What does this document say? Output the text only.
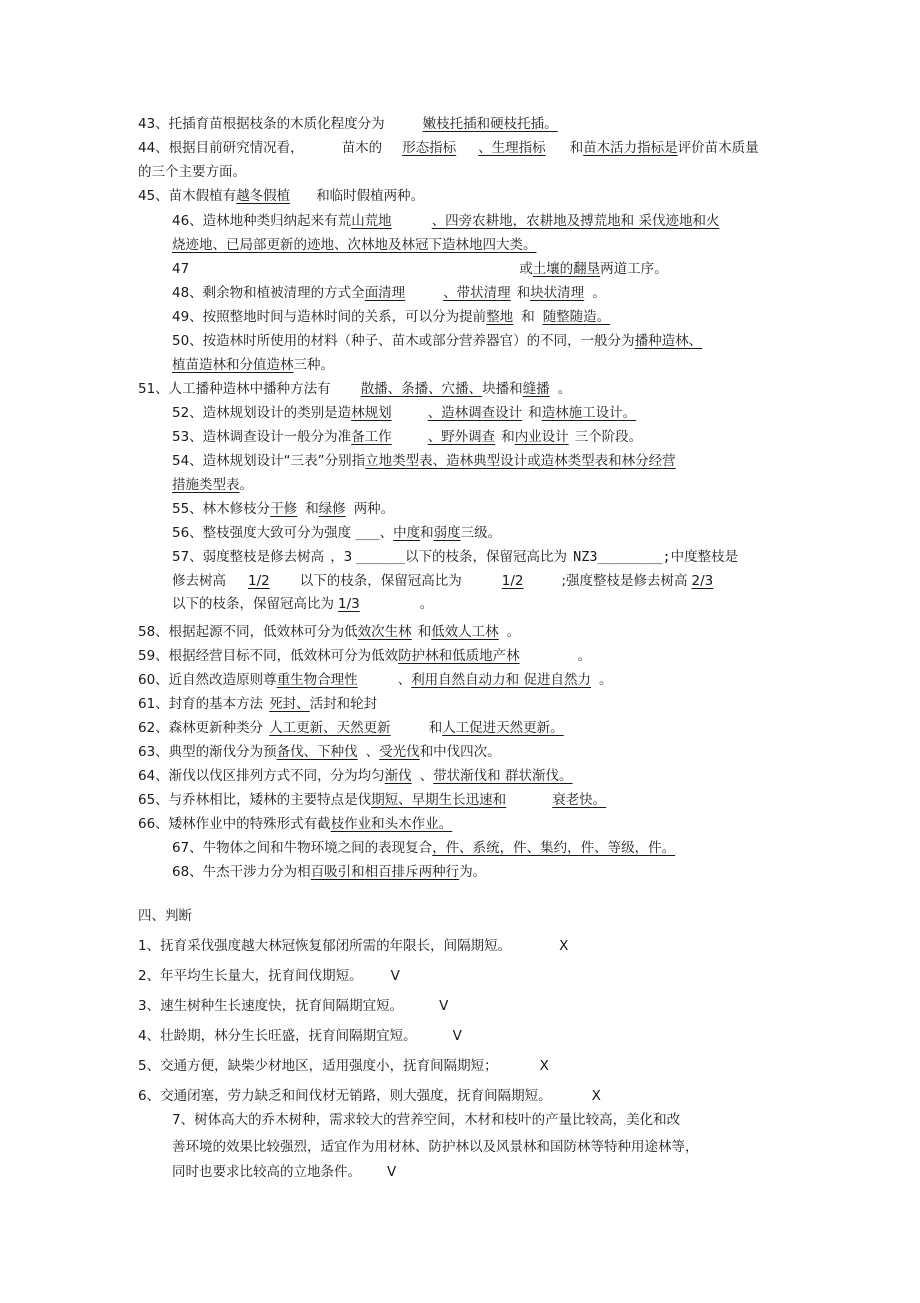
43、托插育苗根据枝条的木质化程度分为	嫩枝托插和硬枝托插。
44、根据目前研究情况看，	苗木的 形态指标 、生理指标 和苗木活力指标是评价苗木质量
的三个主要方面。
45、苗木假植有越冬假植 和临时假植两种。
46、造林地种类归纳起来有荒山荒地	、四旁农耕地，农耕地及搏荒地和 采伐迹地和火
烧迹地、已局部更新的迹地、次林地及林冠下造林地四大类。
47	或土壤的翻垦两道工序。
48、剩余物和植被清理的方式全面清理	、带状清理 和块状清理 。
49、按照整地时间与造林时间的关系，可以分为提前整地 和 随整随造。
50、按造林时所使用的材料（种子、苗木或部分营养器官）的不同，一般分为播种造林、
植苗造林和分值造林三种。
51、人工播种造林中播种方法有 散播、条播、穴播、块播和缝播 。
52、造林规划设计的类别是造林规划	、造林调查设计 和造林施工设计。
53、造林调查设计一般分为准备工作	、野外调查 和内业设计 三个阶段。
54、造林规划设计“三表”分别指立地类型表、造林典型设计或造林类型表和林分经营
措施类型表。
55、林木修枝分干修 和绿修 两种。
56、整枝强度大致可分为强度 ___、中度和弱度三级。
57、弱度整枝是修去树高 ，3 ______以下的枝条，保留冠高比为 NZ3________;中度整枝是
修去树高 1/2 以下的枝条，保留冠高比为	1/2	;强度整枝是修去树高 2/3
以下的枝条，保留冠高比为 1/3	。
58、根据起源不同，低效林可分为低效次生林 和低效人工林 。
59、根据经营目标不同，低效林可分为低效防护林和低质地产林	。
60、近自然改造原则尊重生物合理性	、利用自然自动力和 促进自然力 。
61、封育的基本方法 死封、活封和轮封
62、森林更新种类分 人工更新、天然更新	和人工促进天然更新。
63、典型的渐伐分为预备伐、下种伐 、受光伐和中伐四次。
64、渐伐以伐区排列方式不同，分为均匀渐伐 、带状渐伐和 群状渐伐。
65、与乔林相比，矮林的主要特点是伐期短、早期生长迅速和	衰老快。
66、矮林作业中的特殊形式有截枝作业和头木作业。
67、牛物体之间和牛物环境之间的表现复合，件、系统，件、集约，件、等级，件。
68、牛杰干涉力分为相百吸引和相百排斥两种行为。
四、判断
1、抚育采伐强度越大林冠恢复郁闭所需的年限长，间隔期短。	X
2、年平均生长量大，抚育间伐期短。 V
3、速生树种生长速度快，抚育间隔期宜短。	V
4、壮龄期，林分生长旺盛，抚育间隔期宜短。	V
5、交通方便，缺柴少材地区，适用强度小，抚育间隔期短；	X
6、交通闭塞，劳力缺乏和间伐材无销路，则大强度，抚育间隔期短。	X
7、树体高大的乔木树种，需求较大的营养空间，木材和枝叶的产量比较高，美化和改
善环境的效果比较强烈，适宜作为用材林、防护林以及风景林和国防林等特种用途林等，
同时也要求比较高的立地条件。 V
